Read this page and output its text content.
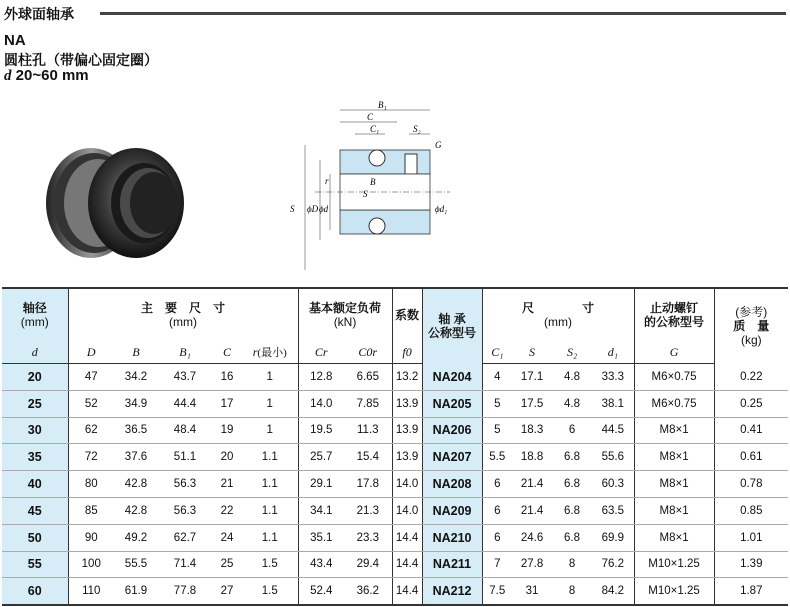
外球面轴承
NA
圆柱孔（带偏心固定圈）
d 20~60 mm
B₁
C
C₁	S₂
G
S ϕD ϕd	ϕd₁
r	B
S
轴径
(mm)	主　要　尺　寸
(mm)					基本额定负荷
(kN)		系数	轴 承
公称型号	尺　　　　寸
(mm)				止动螺钉
的公称型号	(参考)
质　量
(kg)
d	D	B	B₁	C	r(最小)	Cr	C0r	f0		C₁	S	S₂	d₁	G	
20	47	34.2	43.7	16	1	12.8	6.65	13.2	NA204	4	17.1	4.8	33.3	M6×0.75	0.22
25	52	34.9	44.4	17	1	14.0	7.85	13.9	NA205	5	17.5	4.8	38.1	M6×0.75	0.25
30	62	36.5	48.4	19	1	19.5	11.3	13.9	NA206	5	18.3	6	44.5	M8×1	0.41
35	72	37.6	51.1	20	1.1	25.7	15.4	13.9	NA207	5.5	18.8	6.8	55.6	M8×1	0.61
40	80	42.8	56.3	21	1.1	29.1	17.8	14.0	NA208	6	21.4	6.8	60.3	M8×1	0.78
45	85	42.8	56.3	22	1.1	34.1	21.3	14.0	NA209	6	21.4	6.8	63.5	M8×1	0.85
50	90	49.2	62.7	24	1.1	35.1	23.3	14.4	NA210	6	24.6	6.8	69.9	M8×1	1.01
55	100	55.5	71.4	25	1.5	43.4	29.4	14.4	NA211	7	27.8	8	76.2	M10×1.25	1.39
60	110	61.9	77.8	27	1.5	52.4	36.2	14.4	NA212	7.5	31	8	84.2	M10×1.25	1.87
